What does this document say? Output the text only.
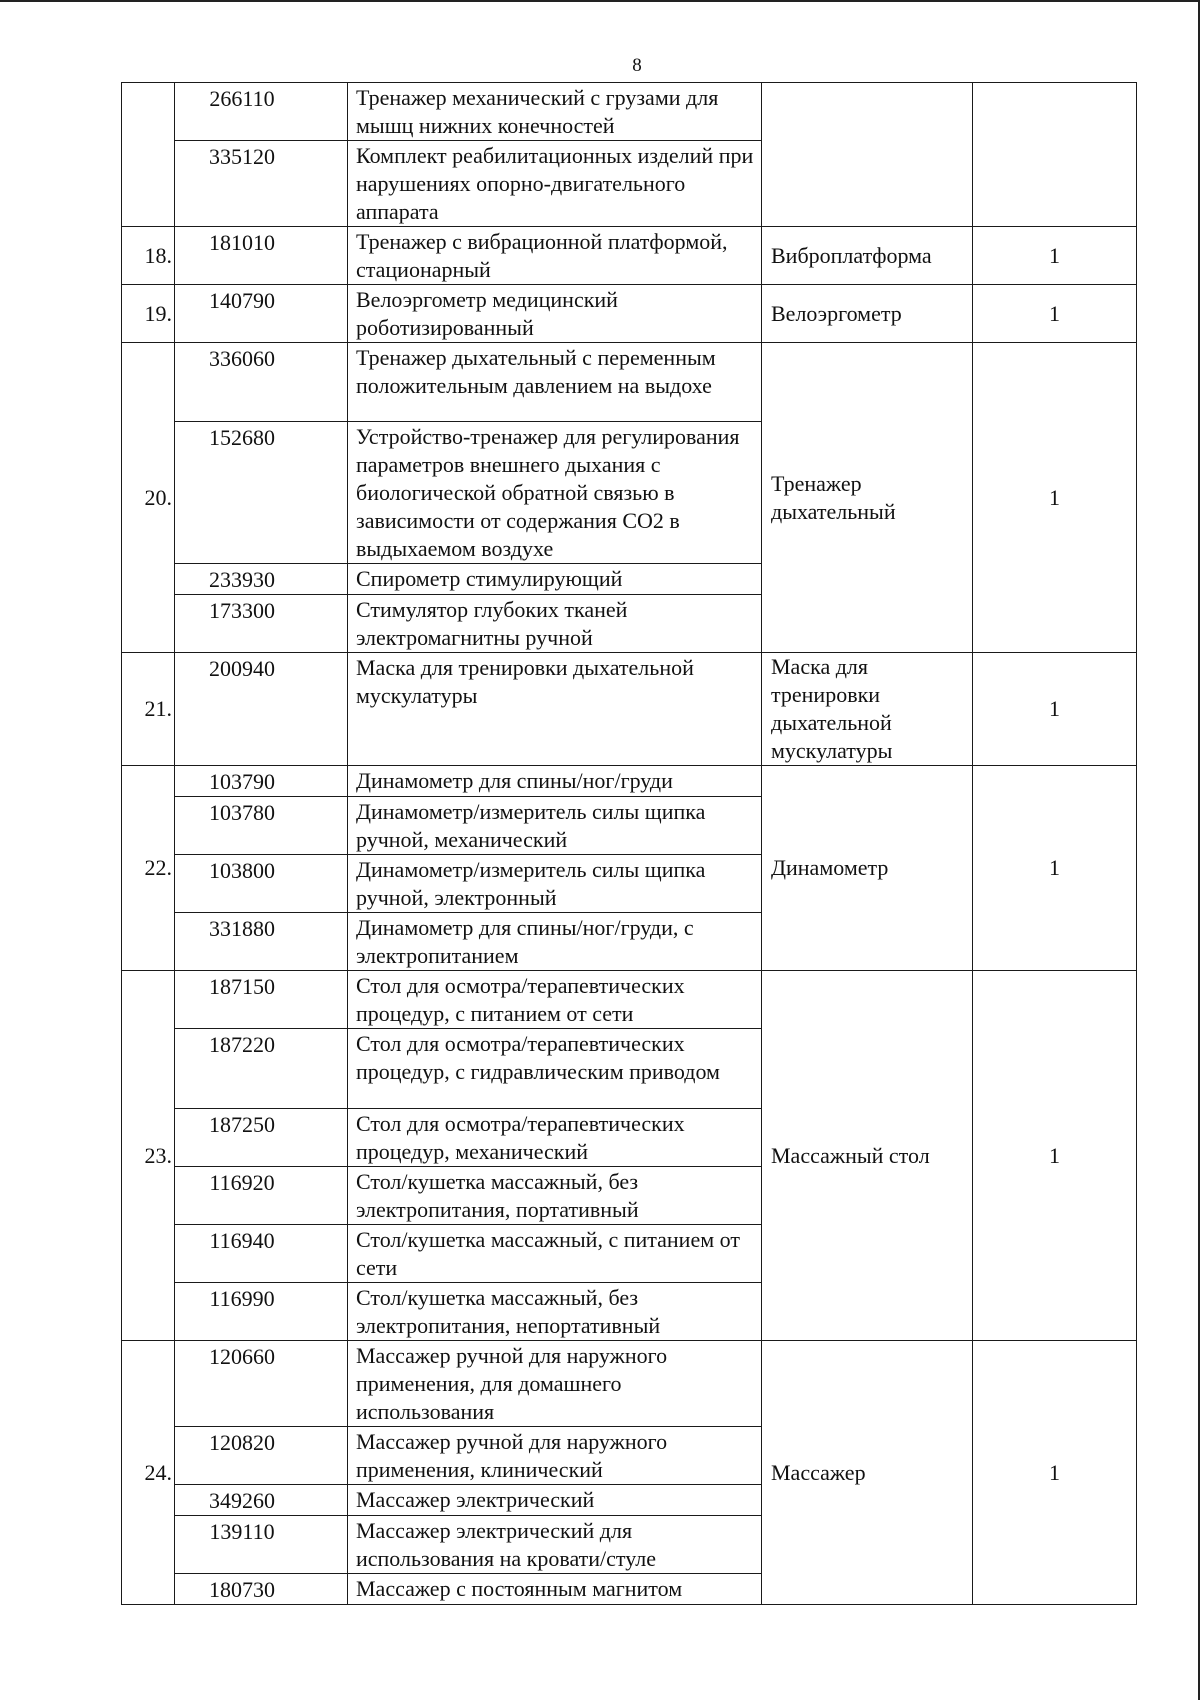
8
	266110	Тренажер механический с грузами для мышц нижних конечностей		
	335120	Комплект реабилитационных изделий при нарушениях опорно-двигательного аппарата		
18.	181010	Тренажер с вибрационной платформой, стационарный	Виброплатформа	1
19.	140790	Велоэргометр медицинский роботизированный	Велоэргометр	1
20.	336060	Тренажер дыхательный с переменным положительным давлением на выдохе	Тренажер дыхательный	1
	152680	Устройство-тренажер для регулирования параметров внешнего дыхания с биологической обратной связью в зависимости от содержания СО2 в выдыхаемом воздухе		
	233930	Спирометр стимулирующий		
	173300	Стимулятор глубоких тканей электромагнитны ручной		
21.	200940	Маска для тренировки дыхательной мускулатуры	Маска для тренировки дыхательной мускулатуры	1
22.	103790	Динамометр для спины/ног/груди	Динамометр	1
	103780	Динамометр/измеритель силы щипка ручной, механический		
	103800	Динамометр/измеритель силы щипка ручной, электронный		
	331880	Динамометр для спины/ног/груди, с электропитанием		
23.	187150	Стол для осмотра/терапевтических процедур, с питанием от сети	Массажный стол	1
	187220	Стол для осмотра/терапевтических процедур, с гидравлическим приводом		
	187250	Стол для осмотра/терапевтических процедур, механический		
	116920	Стол/кушетка массажный, без электропитания, портативный		
	116940	Стол/кушетка массажный, с питанием от сети		
	116990	Стол/кушетка массажный, без электропитания, непортативный		
24.	120660	Массажер ручной для наружного применения, для домашнего использования	Массажер	1
	120820	Массажер ручной для наружного применения, клинический		
	349260	Массажер электрический		
	139110	Массажер электрический для использования на кровати/стуле		
	180730	Массажер с постоянным магнитом		
